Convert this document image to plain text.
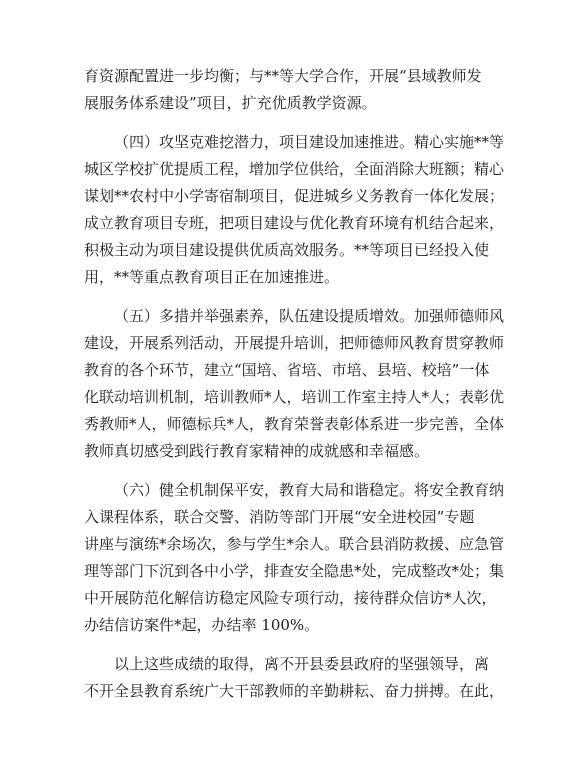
育资源配置进一步均衡；与**等大学合作，开展“县域教师发
展服务体系建设”项目，扩充优质教学资源。

（四）攻坚克难挖潜力，项目建设加速推进。精心实施**等
城区学校扩优提质工程，增加学位供给，全面消除大班额；精心
谋划**农村中小学寄宿制项目，促进城乡义务教育一体化发展；
成立教育项目专班，把项目建设与优化教育环境有机结合起来，
积极主动为项目建设提供优质高效服务。**等项目已经投入使
用，**等重点教育项目正在加速推进。

（五）多措并举强素养，队伍建设提质增效。加强师德师风
建设，开展系列活动，开展提升培训，把师德师风教育贯穿教师
教育的各个环节，建立“国培、省培、市培、县培、校培”一体
化联动培训机制，培训教师*人，培训工作室主持人*人；表彰优
秀教师*人，师德标兵*人，教育荣誉表彰体系进一步完善，全体
教师真切感受到践行教育家精神的成就感和幸福感。

（六）健全机制保平安，教育大局和谐稳定。将安全教育纳
入课程体系，联合交警、消防等部门开展“安全进校园”专题
讲座与演练*余场次，参与学生*余人。联合县消防救援、应急管
理等部门下沉到各中小学，排查安全隐患*处，完成整改*处；集
中开展防范化解信访稳定风险专项行动，接待群众信访*人次，
办结信访案件*起，办结率 100%。

以上这些成绩的取得，离不开县委县政府的坚强领导，离
不开全县教育系统广大干部教师的辛勤耕耘、奋力拼搏。在此，
